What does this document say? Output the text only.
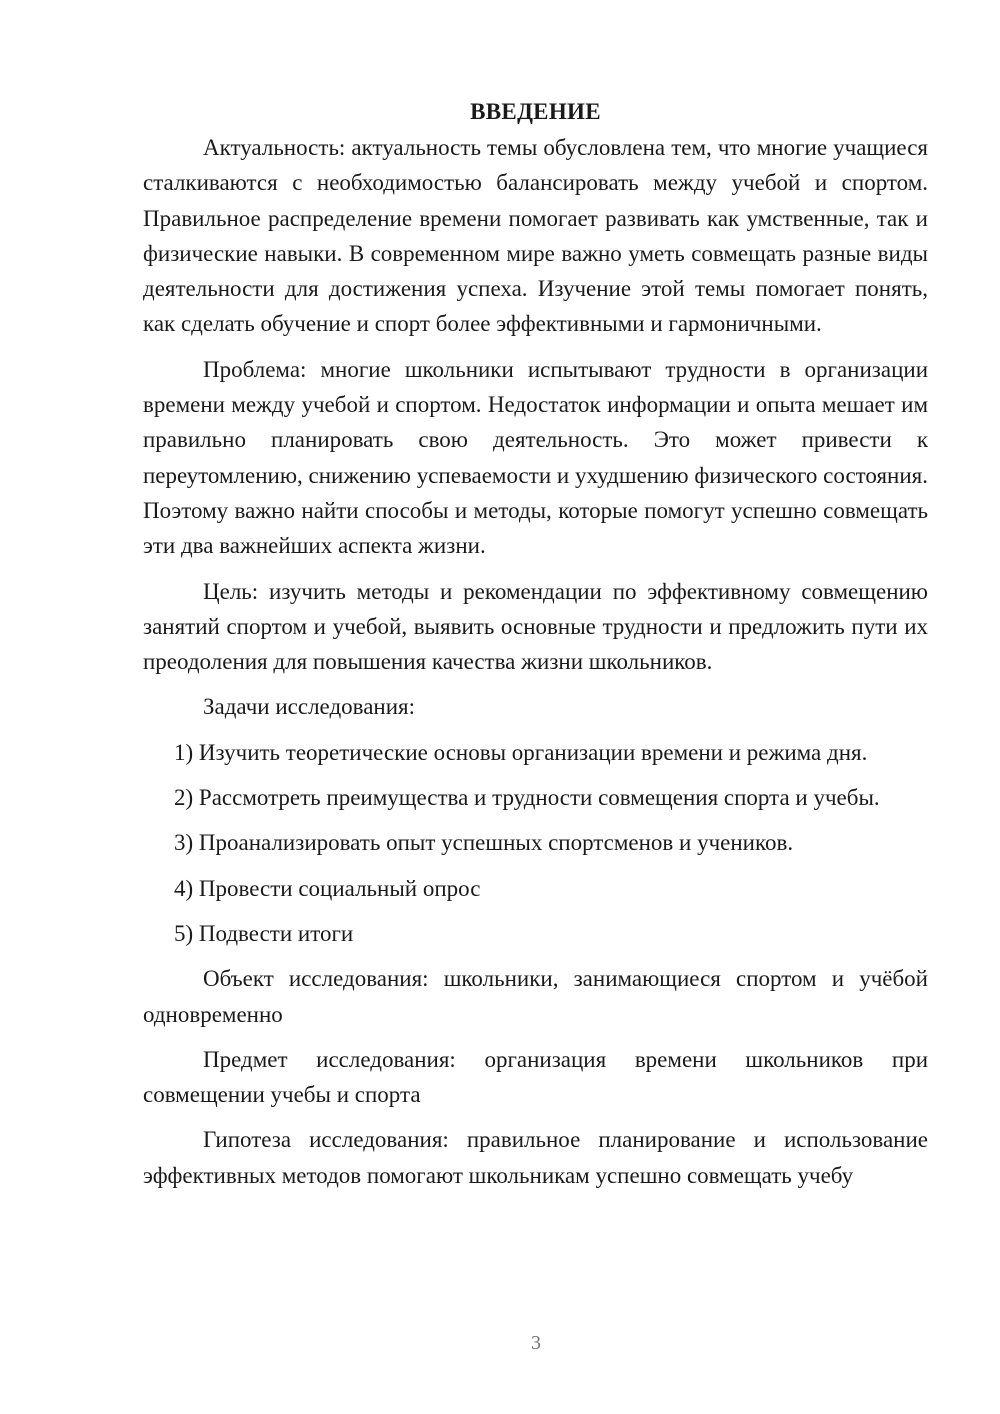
ВВЕДЕНИЕ

Актуальность: актуальность темы обусловлена тем, что многие учащиеся сталкиваются с необходимостью балансировать между учебой и спортом. Правильное распределение времени помогает развивать как умственные, так и физические навыки. В современном мире важно уметь совмещать разные виды деятельности для достижения успеха. Изучение этой темы помогает понять, как сделать обучение и спорт более эффективными и гармоничными.

Проблема: многие школьники испытывают трудности в организации времени между учебой и спортом. Недостаток информации и опыта мешает им правильно планировать свою деятельность. Это может привести к переутомлению, снижению успеваемости и ухудшению физического состояния. Поэтому важно найти способы и методы, которые помогут успешно совмещать эти два важнейших аспекта жизни.

Цель: изучить методы и рекомендации по эффективному совмещению занятий спортом и учебой, выявить основные трудности и предложить пути их преодоления для повышения качества жизни школьников.

Задачи исследования:

1) Изучить теоретические основы организации времени и режима дня.
2) Рассмотреть преимущества и трудности совмещения спорта и учебы.
3) Проанализировать опыт успешных спортсменов и учеников.
4) Провести социальный опрос
5) Подвести итоги

Объект исследования: школьники, занимающиеся спортом и учёбой одновременно

Предмет исследования: организация времени школьников при совмещении учебы и спорта

Гипотеза исследования: правильное планирование и использование эффективных методов помогают школьникам успешно совмещать учебу

3
